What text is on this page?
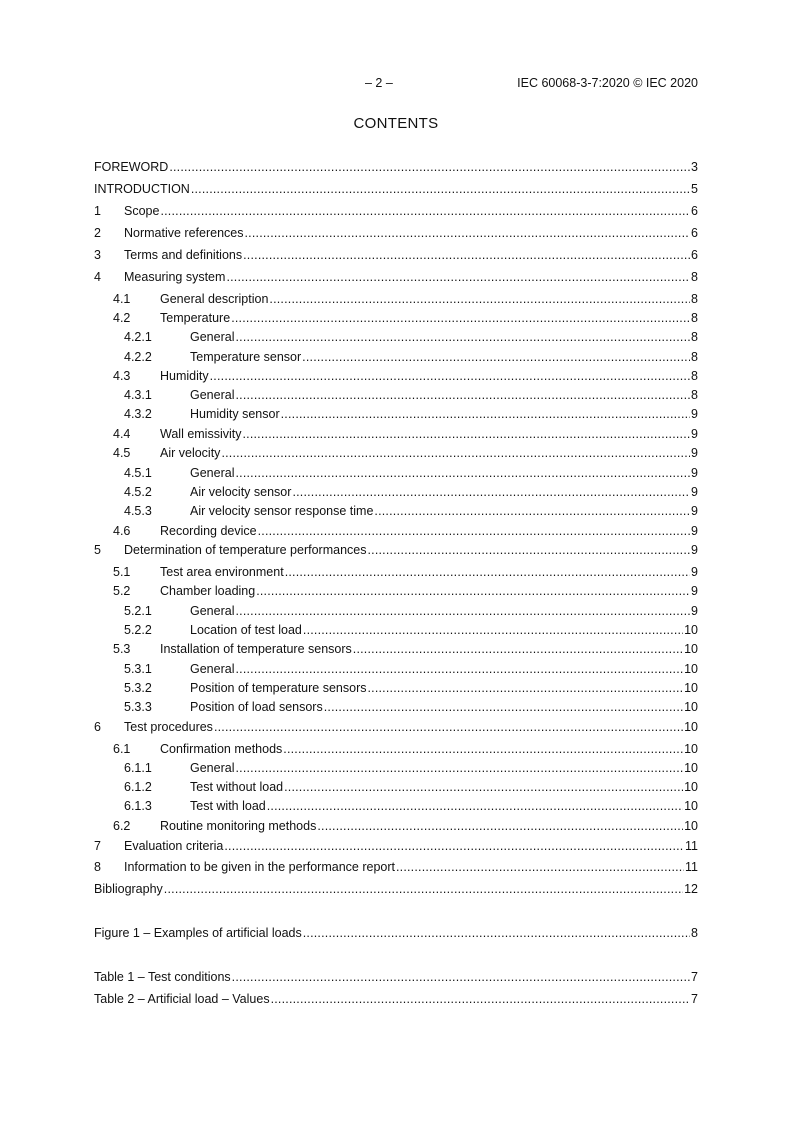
– 2 –	IEC 60068-3-7:2020 © IEC 2020
CONTENTS
FOREWORD .....	3
INTRODUCTION .....	5
1	Scope .....	6
2	Normative references .....	6
3	Terms and definitions .....	6
4	Measuring system .....	8
4.1	General description .....	8
4.2	Temperature .....	8
4.2.1	General .....	8
4.2.2	Temperature sensor .....	8
4.3	Humidity .....	8
4.3.1	General .....	8
4.3.2	Humidity sensor .....	9
4.4	Wall emissivity .....	9
4.5	Air velocity .....	9
4.5.1	General .....	9
4.5.2	Air velocity sensor .....	9
4.5.3	Air velocity sensor response time .....	9
4.6	Recording device .....	9
5	Determination of temperature performances .....	9
5.1	Test area environment .....	9
5.2	Chamber loading .....	9
5.2.1	General .....	9
5.2.2	Location of test load .....	10
5.3	Installation of temperature sensors .....	10
5.3.1	General .....	10
5.3.2	Position of temperature sensors .....	10
5.3.3	Position of load sensors .....	10
6	Test procedures .....	10
6.1	Confirmation methods .....	10
6.1.1	General .....	10
6.1.2	Test without load .....	10
6.1.3	Test with load .....	10
6.2	Routine monitoring methods .....	10
7	Evaluation criteria .....	11
8	Information to be given in the performance report .....	11
Bibliography .....	12
Figure 1 – Examples of artificial loads .....	8
Table 1 – Test conditions .....	7
Table 2 – Artificial load – Values .....	7
